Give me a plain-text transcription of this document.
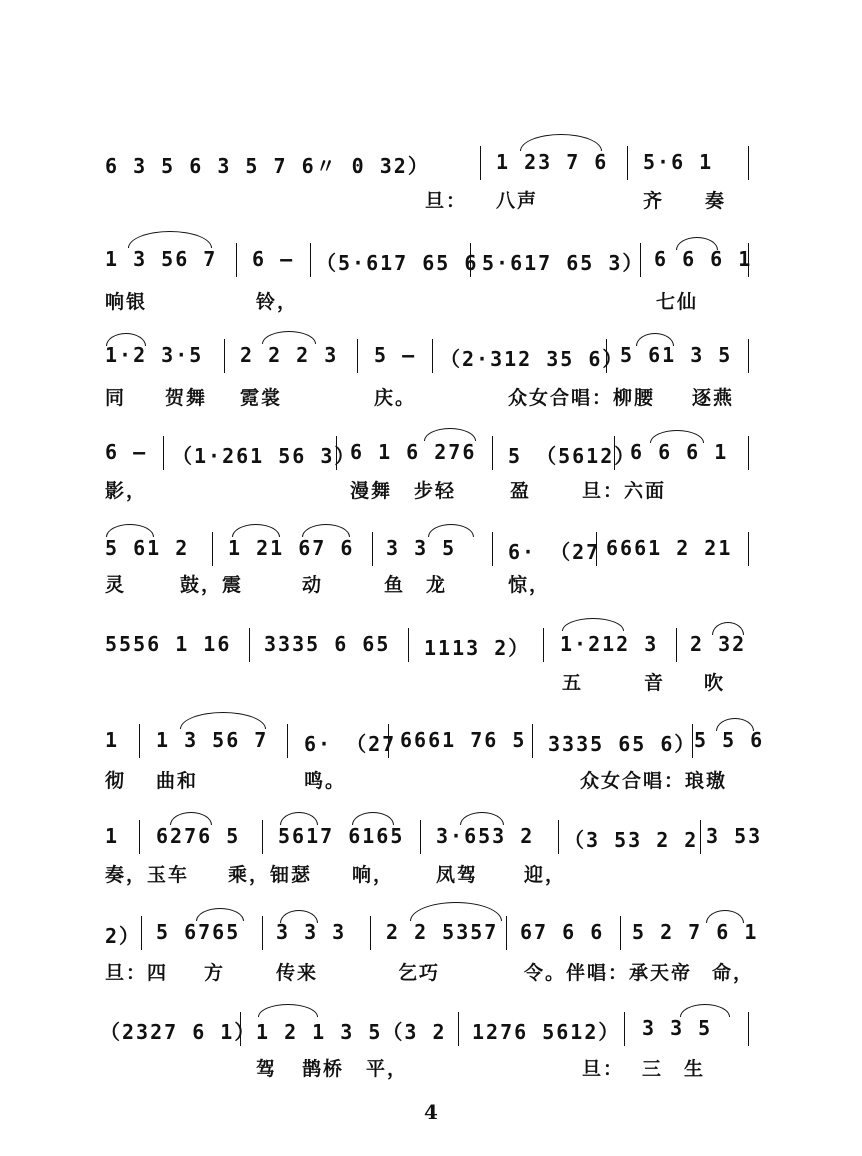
6 3 5 6 3 5 7 6〃 0 32）	1 23 7 6 5·6 1
旦： 八声	齐 奏
1 3 56 7 6 – （5·617 65 6 5·617 65 3） 6 6 6 1
响银	铃，	七仙
1·2 3·5 2 2 2 3 5 – （2·312 35 6）
5 61 3 5
同 贺舞 霓裳	庆。	众女合唱：柳腰 逐燕
6 – （1·261 56 3）
6 1 6 276 5 （5612）
6 6 6 1
影，	漫舞 步轻	盈	旦：六面
5 61 2 1 21 67 6 3 3 5	6· （27 6661 2 21
灵	鼓，震	动	鱼 龙	惊，
5556 1 16 3335 6 65 1113 2） 1·212 3 2 32
五	音 吹
1 1 3 56 7 6· （27 6661 76 5 3335 65 6）
5 5 6
彻 曲和	鸣。	众女合唱：琅璈
1 6276 5 5617 6165 3·653 2 （3 53 2 2 3 53
奏，玉车 乘，钿瑟 响， 凤驾 迎，
2） 5 6765 3 3 3 2 2 5357 67 6 6 5 2 7 6 1
旦：四 方	传来	乞巧	令。伴唱：承天帝 命，
（2327 6 1） 1 2 1 3 5（3 2 1276 5612） 3 3 5
驾 鹊桥 平，	旦： 三 生
4
